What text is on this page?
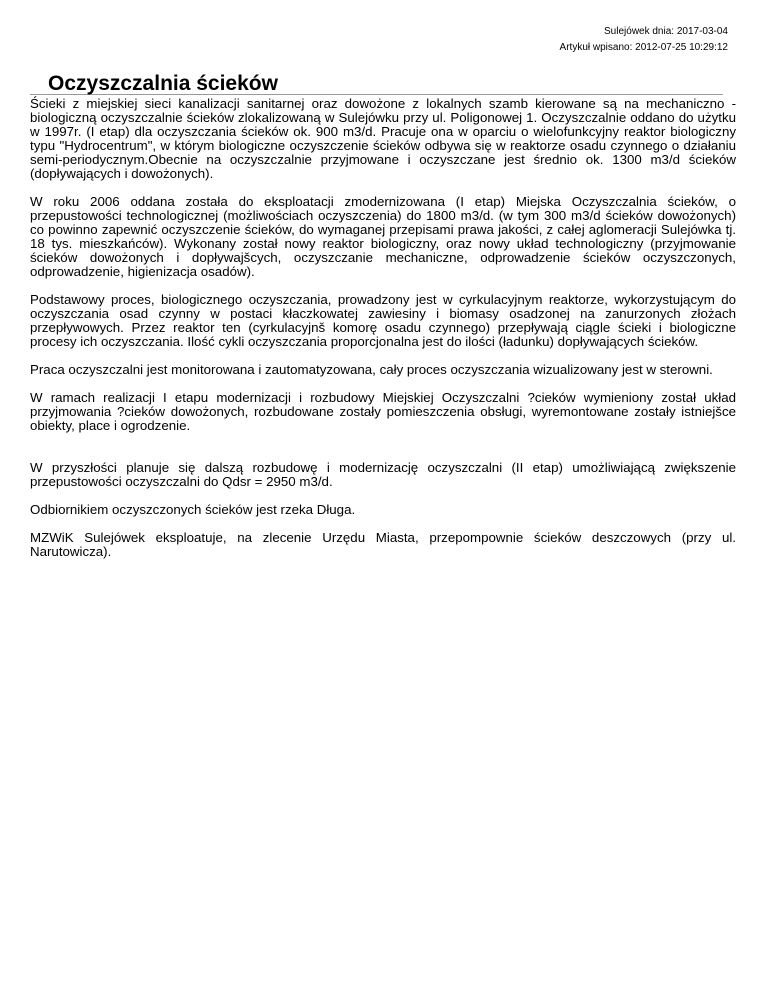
Sulejówek dnia: 2017-03-04
Artykuł wpisano: 2012-07-25 10:29:12
Oczyszczalnia ścieków

Ścieki z miejskiej sieci kanalizacji sanitarnej oraz dowożone z lokalnych szamb kierowane są na mechaniczno - biologiczną oczyszczalnie ścieków zlokalizowaną w Sulejówku przy ul. Poligonowej 1. Oczyszczalnie oddano do użytku w 1997r. (I etap) dla oczyszczania ścieków ok. 900 m3/d. Pracuje ona w oparciu o wielofunkcyjny reaktor biologiczny typu "Hydrocentrum", w którym biologiczne oczyszczenie ścieków odbywa się w reaktorze osadu czynnego o działaniu semi-periodycznym.Obecnie na oczyszczalnie przyjmowane i oczyszczane jest średnio ok. 1300 m3/d ścieków (dopływających i dowożonych).

W roku 2006 oddana została do eksploatacji zmodernizowana (I etap) Miejska Oczyszczalnia ścieków, o przepustowości technologicznej (możliwościach oczyszczenia) do 1800 m3/d. (w tym 300 m3/d ścieków dowożonych) co powinno zapewnić oczyszczenie ścieków, do wymaganej przepisami prawa jakości, z całej aglomeracji Sulejówka tj. 18 tys. mieszkańców). Wykonany został nowy reaktor biologiczny, oraz nowy układ technologiczny (przyjmowanie ścieków dowożonych i dopływajšcych, oczyszczanie mechaniczne, odprowadzenie ścieków oczyszczonych, odprowadzenie, higienizacja osadów).

Podstawowy proces, biologicznego oczyszczania, prowadzony jest w cyrkulacyjnym reaktorze, wykorzystującym do oczyszczania osad czynny w postaci kłaczkowatej zawiesiny i biomasy osadzonej na zanurzonych złożach przepływowych. Przez reaktor ten (cyrkulacyjnš komorę osadu czynnego) przepływają ciągle ścieki i biologiczne procesy ich oczyszczania. Ilość cykli oczyszczania proporcjonalna jest do ilości (ładunku) dopływających ścieków.

Praca oczyszczalni jest monitorowana i zautomatyzowana, cały proces oczyszczania wizualizowany jest w sterowni.

W ramach realizacji I etapu modernizacji i rozbudowy Miejskiej Oczyszczalni ?cieków wymieniony został układ przyjmowania ?cieków dowożonych, rozbudowane zostały pomieszczenia obsługi, wyremontowane zostały istniejšce obiekty, place i ogrodzenie.

W przyszłości planuje się dalszą rozbudowę i modernizację oczyszczalni (II etap) umożliwiającą zwiększenie przepustowości oczyszczalni do Qdsr = 2950 m3/d.

Odbiornikiem oczyszczonych ścieków jest rzeka Długa.

MZWiK Sulejówek eksploatuje, na zlecenie Urzędu Miasta, przepompownie ścieków deszczowych (przy ul. Narutowicza).
